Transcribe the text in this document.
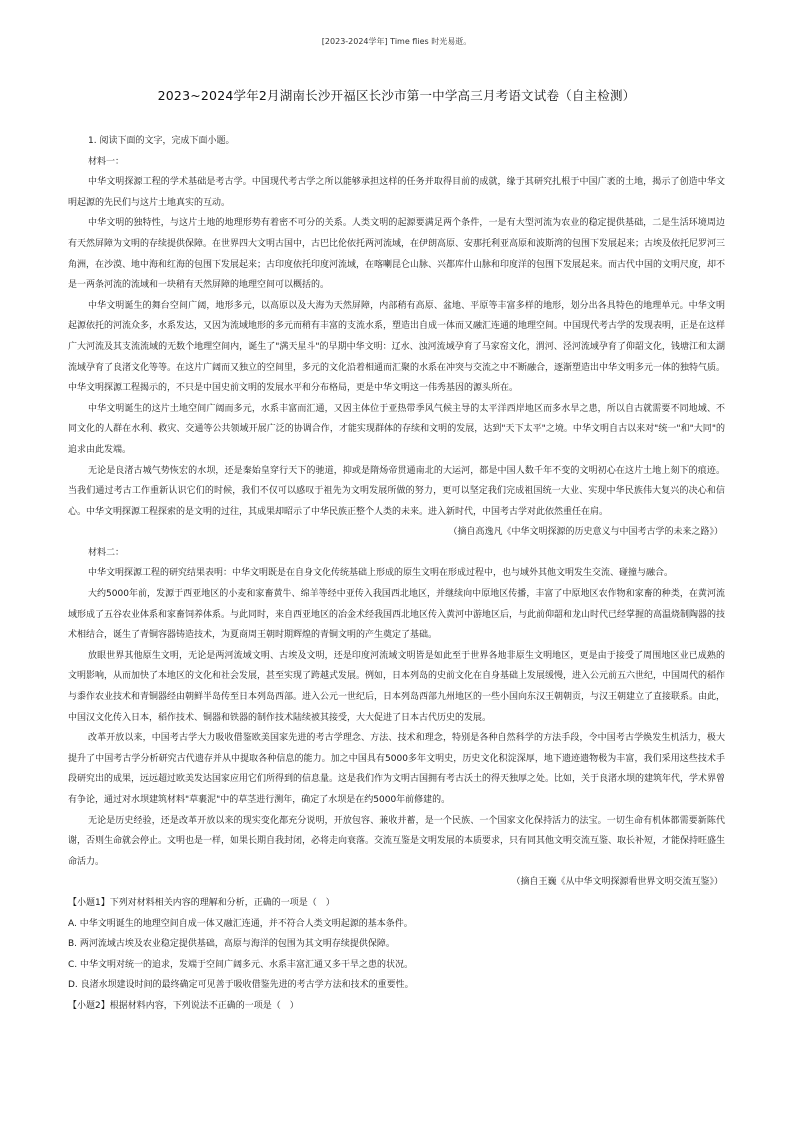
[2023-2024学年] Time flies 时光易逝。
2023~2024学年2月湖南长沙开福区长沙市第一中学高三月考语文试卷（自主检测）

1. 阅读下面的文字，完成下面小题。

材料一：

中华文明探源工程的学术基础是考古学。中国现代考古学之所以能够承担这样的任务并取得目前的成就，缘于其研究扎根于中国广袤的土地，揭示了创造中华文明起源的先民们与这片土地真实的互动。

中华文明的独特性，与这片土地的地理形势有着密不可分的关系。人类文明的起源要满足两个条件，一是有大型河流为农业的稳定提供基础，二是生活环境周边有天然屏障为文明的存续提供保障。在世界四大文明古国中，古巴比伦依托两河流域，在伊朗高原、安那托利亚高原和波斯湾的包围下发展起来；古埃及依托尼罗河三角洲，在沙漠、地中海和红海的包围下发展起来；古印度依托印度河流域，在喀喇昆仑山脉、兴都库什山脉和印度洋的包围下发展起来。而古代中国的文明尺度，却不是一两条河流的流域和一块稍有天然屏障的地理空间可以概括的。

中华文明诞生的舞台空间广阔，地形多元，以高原以及大海为天然屏障，内部稍有高原、盆地、平原等丰富多样的地形，划分出各具特色的地理单元。中华文明起源依托的河流众多，水系发达，又因为流域地形的多元而稍有丰富的支流水系，塑造出自成一体而又融汇连通的地理空间。中国现代考古学的发现表明，正是在这样广大河流及其支流流域的无数个地理空间内，诞生了"满天星斗"的早期中华文明：辽水、浊河流域孕育了马家窑文化，渭河、泾河流域孕育了仰韶文化，钱塘江和太湖流域孕育了良渚文化等等。在这片广阔而又独立的空间里，多元的文化沿着相通而汇聚的水系在冲突与交流之中不断融合，逐渐塑造出中华文明多元一体的独特气质。中华文明探源工程揭示的，不只是中国史前文明的发展水平和分布格局，更是中华文明这一伟秀基因的源头所在。

中华文明诞生的这片土地空间广阔而多元，水系丰富而汇通，又因主体位于亚热带季风气候主导的太平洋西岸地区而多水旱之患，所以自古就需要不同地域、不同文化的人群在水利、救灾、交通等公共领域开展广泛的协调合作，才能实现群体的存续和文明的发展，达到"天下太平"之境。中华文明自古以来对"统一"和"大同"的追求由此发端。

无论是良渚古城气势恢宏的水坝，还是秦始皇穿行天下的驰道，抑或是隋炀帝贯通南北的大运河，都是中国人数千年不变的文明初心在这片土地上刻下的痕迹。当我们通过考古工作重新认识它们的时候，我们不仅可以感叹于祖先为文明发展所做的努力，更可以坚定我们完成祖国统一大业、实现中华民族伟大复兴的决心和信心。中华文明探源工程探索的是文明的过往，其成果却昭示了中华民族正整个人类的未来。进入新时代，中国考古学对此依然重任在肩。

（摘自高逸凡《中华文明探源的历史意义与中国考古学的未来之路》）

材料二：

中华文明探源工程的研究结果表明：中华文明既是在自身文化传统基础上形成的原生文明在形成过程中，也与域外其他文明发生交流、碰撞与融合。

大约5000年前，发源于西亚地区的小麦和家畜黄牛、绵羊等经中亚传入我国西北地区，并继续向中原地区传播，丰富了中原地区农作物和家畜的种类，在黄河流域形成了五谷农业体系和家畜饲养体系。与此同时，来自西亚地区的冶金术经我国西北地区传入黄河中游地区后，与此前仰韶和龙山时代已经掌握的高温烧制陶器的技术相结合，诞生了青铜容器铸造技术，为夏商周王朝时期辉煌的青铜文明的产生奠定了基础。

放眼世界其他原生文明，无论是两河流域文明、古埃及文明，还是印度河流域文明皆是如此至于世界各地非原生文明地区，更是由于接受了周围地区业已成熟的文明影响，从而加快了本地区的文化和社会发展，甚至实现了跨越式发展。例如，日本列岛的史前文化在自身基础上发展缓慢，进入公元前五六世纪，中国周代的稻作与黍作农业技术和青铜器经由朝鲜半岛传至日本列岛西部。进入公元一世纪后，日本列岛西部九州地区的一些小国向东汉王朝朝贡，与汉王朝建立了直接联系。由此，中国汉文化传入日本，稻作技术、铜器和铁器的制作技术陆续被其接受，大大促进了日本古代历史的发展。

改革开放以来，中国考古学大力吸收借鉴欧美国家先进的考古学理念、方法、技术和理念，特别是各种自然科学的方法手段，令中国考古学焕发生机活力，极大提升了中国考古学分析研究古代遗存并从中提取各种信息的能力。加之中国具有5000多年文明史，历史文化积淀深厚，地下遗迹遗物极为丰富，我们采用这些技术手段研究出的成果，远远超过欧美发达国家应用它们所得到的信息量。这是我们作为文明古国拥有考古沃土的得天独厚之处。比如，关于良渚水坝的建筑年代，学术界曾有争论，通过对水坝建筑材料"草裹泥"中的草茎进行测年，确定了水坝是在约5000年前修建的。

无论是历史经验，还是改革开放以来的现实变化都充分说明，开放包容、兼收并蓄，是一个民族、一个国家文化保持活力的法宝。一切生命有机体都需要新陈代谢，否则生命就会停止。文明也是一样，如果长期自我封闭，必将走向衰落。交流互鉴是文明发展的本质要求，只有同其他文明交流互鉴、取长补短，才能保持旺盛生命活力。

（摘自王巍《从中华文明探源看世界文明交流互鉴》）

【小题1】下列对材料相关内容的理解和分析，正确的一项是（　）

A. 中华文明诞生的地理空间自成一体又融汇连通，并不符合人类文明起源的基本条件。

B. 两河流域古埃及农业稳定提供基础，高原与海洋的包围为其文明存续提供保障。

C. 中华文明对统一的追求，发端于空间广阔多元、水系丰富汇通又多干旱之患的状况。

D. 良渚水坝建设时间的最终确定可见善于吸收借鉴先进的考古学方法和技术的重要性。

【小题2】根据材料内容，下列说法不正确的一项是（　）
